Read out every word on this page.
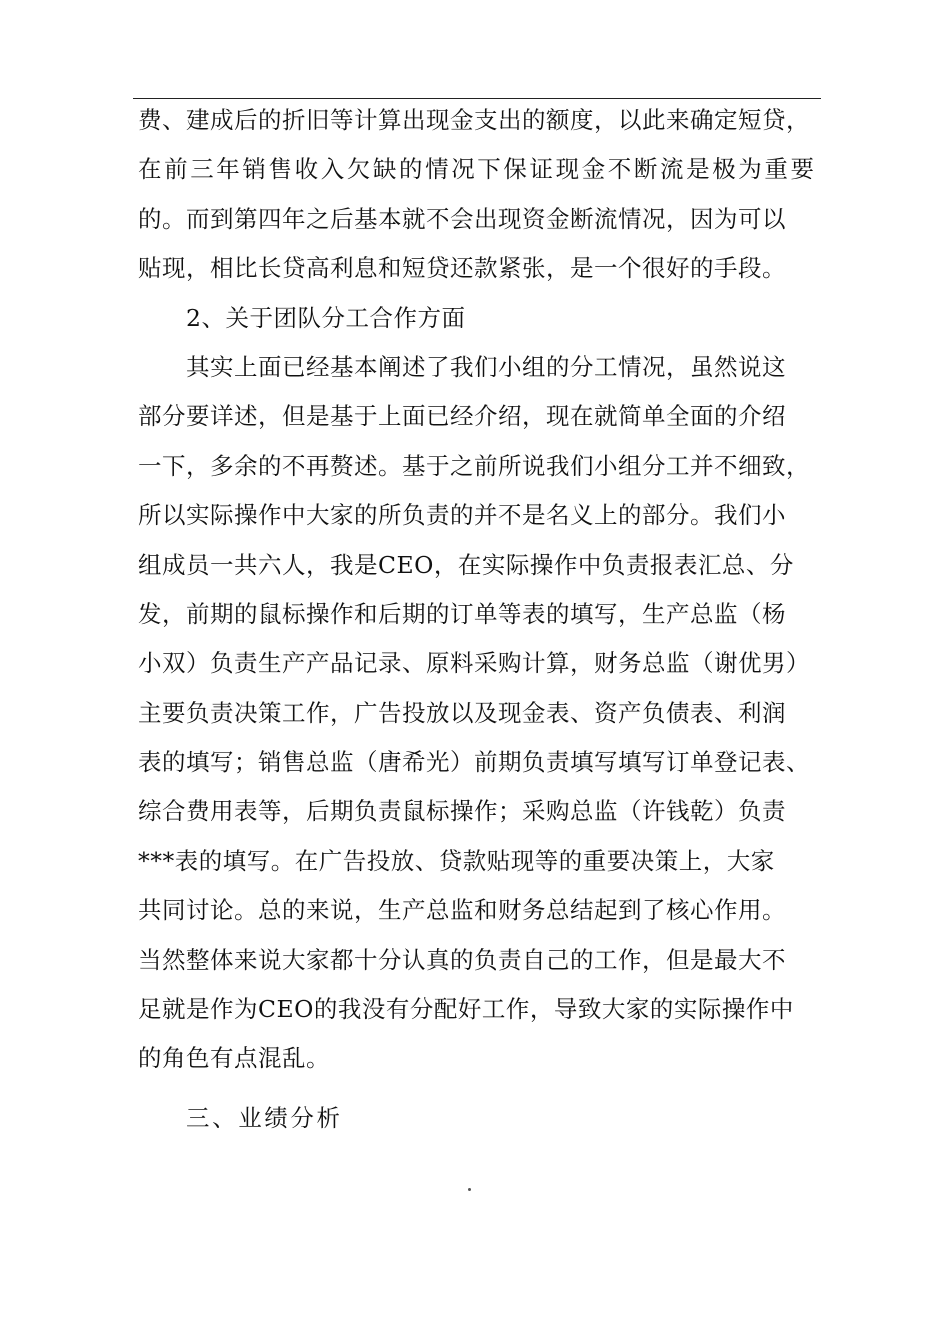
费、建成后的折旧等计算出现金支出的额度，以此来确定短贷，
在前三年销售收入欠缺的情况下保证现金不断流是极为重要
的。而到第四年之后基本就不会出现资金断流情况，因为可以
贴现，相比长贷高利息和短贷还款紧张，是一个很好的手段。
2、关于团队分工合作方面
其实上面已经基本阐述了我们小组的分工情况，虽然说这
部分要详述，但是基于上面已经介绍，现在就简单全面的介绍
一下，多余的不再赘述。基于之前所说我们小组分工并不细致，
所以实际操作中大家的所负责的并不是名义上的部分。我们小
组成员一共六人，我是CEO，在实际操作中负责报表汇总、分
发，前期的鼠标操作和后期的订单等表的填写，生产总监（杨
小双）负责生产产品记录、原料采购计算，财务总监（谢优男）
主要负责决策工作，广告投放以及现金表、资产负债表、利润
表的填写；销售总监（唐希光）前期负责填写填写订单登记表、
综合费用表等，后期负责鼠标操作；采购总监（许钱乾）负责
***表的填写。在广告投放、贷款贴现等的重要决策上，大家
共同讨论。总的来说，生产总监和财务总结起到了核心作用。
当然整体来说大家都十分认真的负责自己的工作，但是最大不
足就是作为CEO的我没有分配好工作，导致大家的实际操作中
的角色有点混乱。
三、业绩分析
